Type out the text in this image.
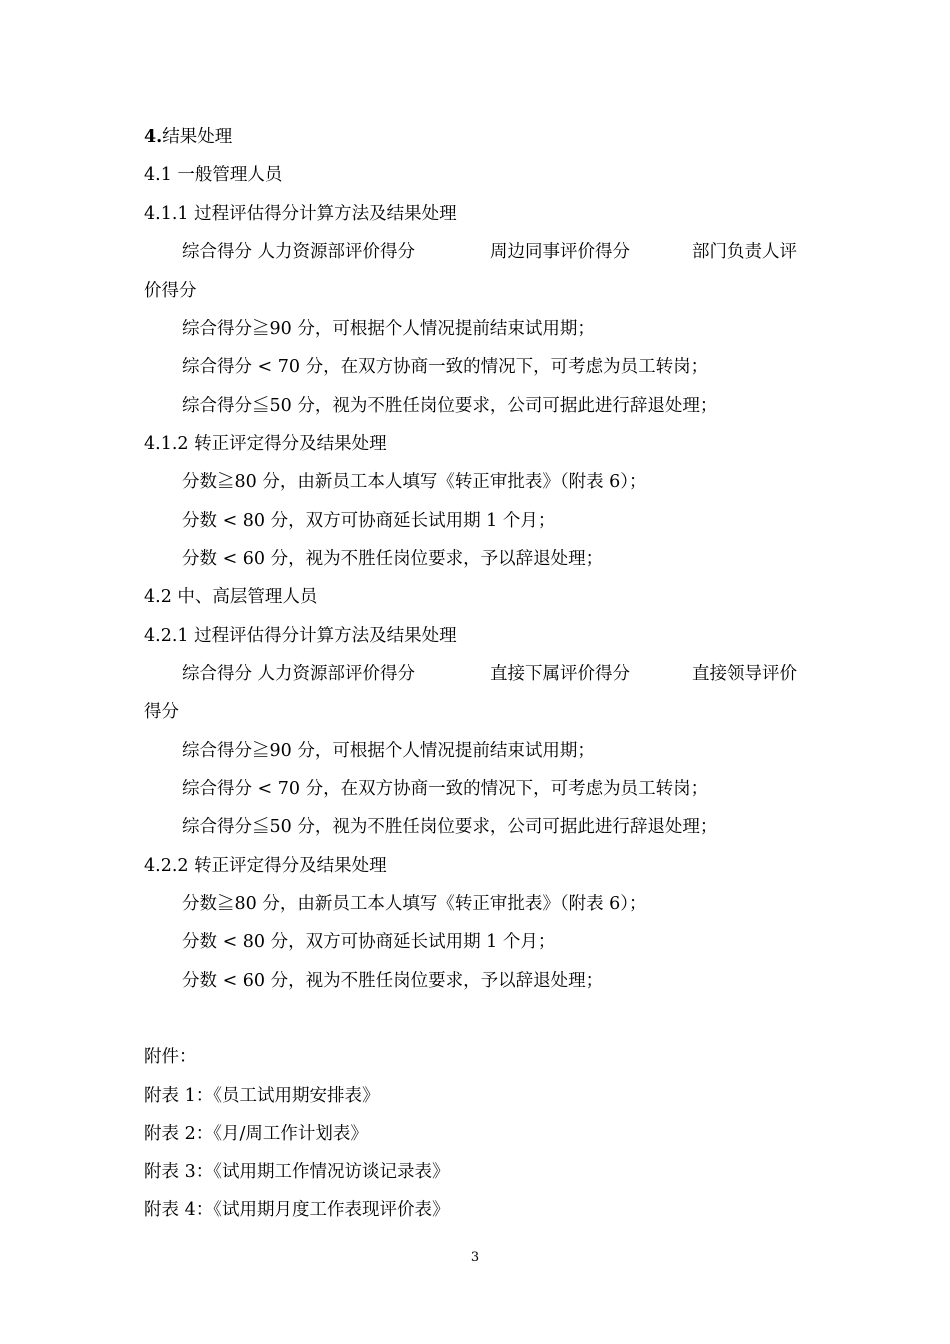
4.结果处理
4.1 一般管理人员
4.1.1 过程评估得分计算方法及结果处理
综合得分 人力资源部评价得分	周边同事评价得分	部门负责人评
价得分
综合得分≧90 分，可根据个人情况提前结束试用期；
综合得分 < 70 分，在双方协商一致的情况下，可考虑为员工转岗；
综合得分≦50 分，视为不胜任岗位要求，公司可据此进行辞退处理；
4.1.2 转正评定得分及结果处理
分数≧80 分，由新员工本人填写《转正审批表》（附表 6）；
分数 < 80 分，双方可协商延长试用期 1 个月；
分数 < 60 分，视为不胜任岗位要求，予以辞退处理；
4.2 中、高层管理人员
4.2.1 过程评估得分计算方法及结果处理
综合得分 人力资源部评价得分	直接下属评价得分	直接领导评价
得分
综合得分≧90 分，可根据个人情况提前结束试用期；
综合得分 < 70 分，在双方协商一致的情况下，可考虑为员工转岗；
综合得分≦50 分，视为不胜任岗位要求，公司可据此进行辞退处理；
4.2.2 转正评定得分及结果处理
分数≧80 分，由新员工本人填写《转正审批表》（附表 6）；
分数 < 80 分，双方可协商延长试用期 1 个月；
分数 < 60 分，视为不胜任岗位要求，予以辞退处理；
附件：
附表 1：《员工试用期安排表》
附表 2：《月/周工作计划表》
附表 3：《试用期工作情况访谈记录表》
附表 4：《试用期月度工作表现评价表》
3
